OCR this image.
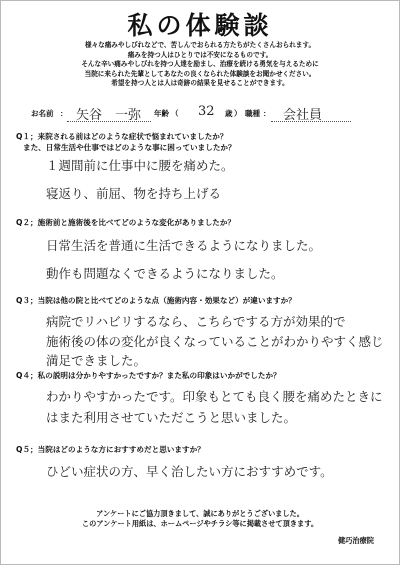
私の体験談
様々な痛みやしびれなどで、苦しんでおられる方たちがたくさんおられます。
痛みを持つ人はひとりでは不安になるものです。
そんな辛い痛みやしびれを持つ人達を励まし、治療を続ける勇気を与えるために
当院に来られた先輩としてあなたの良くなられた体験談をお聞かせください。
希望を持つ人とは人は奇跡の結果を見せることができます。
お名前 ： 矢谷　一弥 年齢 （ 32 歳 ） 職種 ： 会社員
Q１；来院される前はどのような症状で悩まれていましたか？
また、日常生活や仕事ではどのような事に困っていましたか？
１週間前に仕事中に腰を痛めた。
寝返り、前屈、物を持ち上げる
Q２；施術前と施術後を比べてどのような変化がありましたか？
日常生活を普通に生活できるようになりました。
動作も問題なくできるようになりました。
Q３；当院は他の院と比べてどのような点（施術内容・効果など）が違いますか？
病院でリハビリするなら、こちらでする方が効果的で
施術後の体の変化が良くなっていることがわかりやすく感じ
満足できました。
Q４；私の説明は分かりやすかったですか？また私の印象はいかがでしたか？
わかりやすかったです。印象もとても良く腰を痛めたときに
はまた利用させていただこうと思いました。
Q５；当院はどのような方におすすめだと思いますか？
ひどい症状の方、早く治したい方におすすめです。
アンケートにご協力頂きまして、誠にありがとうございました。
このアンケート用紙は、ホームページやチラシ等に掲載させて頂きます。
健巧治療院
